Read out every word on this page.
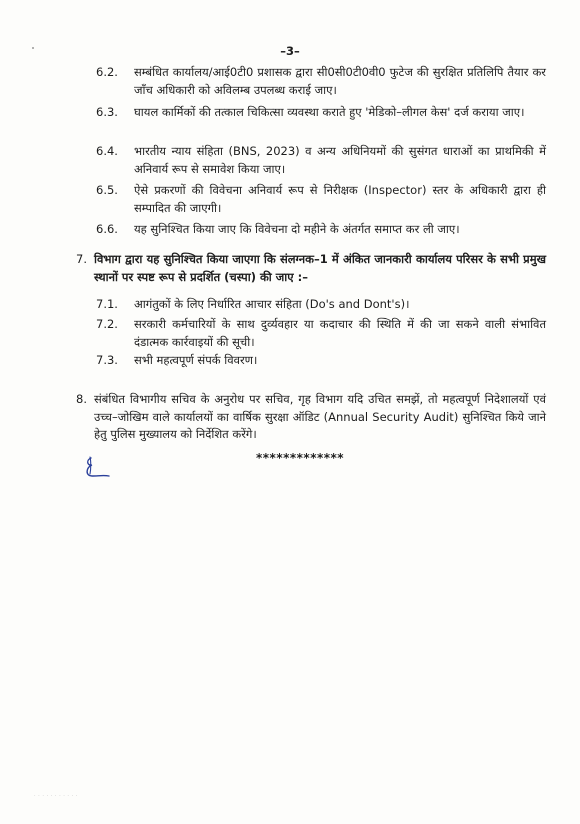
–3–
6.2.	सम्बंधित कार्यालय/आई0टी0 प्रशासक द्वारा सी0सी0टी0वी0 फुटेज की सुरक्षित प्रतिलिपि तैयार कर जाँच अधिकारी को अविलम्ब उपलब्ध कराई जाए।
6.3.	घायल कार्मिकों की तत्काल चिकित्सा व्यवस्था कराते हुए 'मेडिको–लीगल केस' दर्ज कराया जाए।
6.4.	भारतीय न्याय संहिता (BNS, 2023) व अन्य अधिनियमों की सुसंगत धाराओं का प्राथमिकी में अनिवार्य रूप से समावेश किया जाए।
6.5.	ऐसे प्रकरणों की विवेचना अनिवार्य रूप से निरीक्षक (Inspector) स्तर के अधिकारी द्वारा ही सम्पादित की जाएगी।
6.6.	यह सुनिश्चित किया जाए कि विवेचना दो महीने के अंतर्गत समाप्त कर ली जाए।
7. विभाग द्वारा यह सुनिश्चित किया जाएगा कि संलग्नक–1 में अंकित जानकारी कार्यालय परिसर के सभी प्रमुख स्थानों पर स्पष्ट रूप से प्रदर्शित (चस्पा) की जाए :–
7.1.	आगंतुकों के लिए निर्धारित आचार संहिता (Do's and Dont's)।
7.2.	सरकारी कर्मचारियों के साथ दुर्व्यवहार या कदाचार की स्थिति में की जा सकने वाली संभावित दंडात्मक कार्रवाइयों की सूची।
7.3.	सभी महत्वपूर्ण संपर्क विवरण।
8. संबंधित विभागीय सचिव के अनुरोध पर सचिव, गृह विभाग यदि उचित समझें, तो महत्वपूर्ण निदेशालयों एवं उच्च–जोखिम वाले कार्यालयों का वार्षिक सुरक्षा ऑडिट (Annual Security Audit) सुनिश्चित किये जाने हेतु पुलिस मुख्यालय को निर्देशित करेंगे।
*************
· · · · · · · · · · ·
